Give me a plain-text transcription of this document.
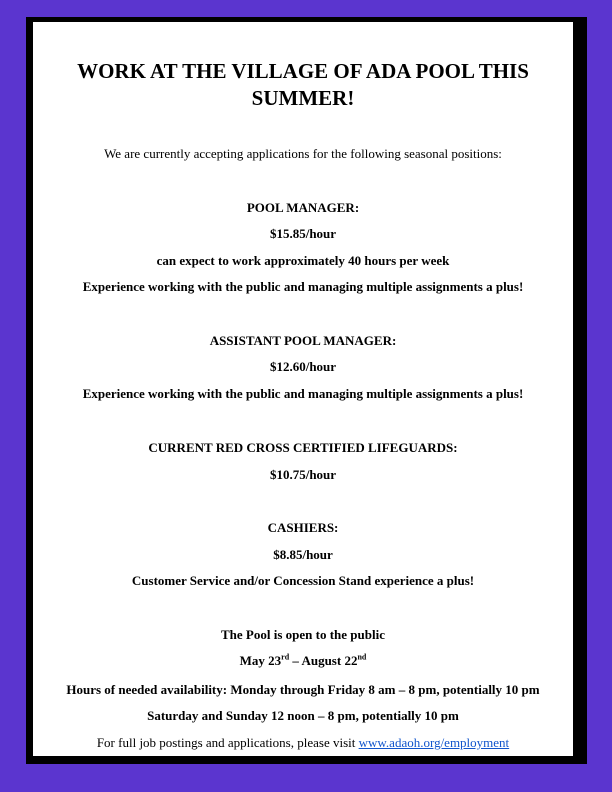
WORK AT THE VILLAGE OF ADA POOL THIS
SUMMER!
We are currently accepting applications for the following seasonal positions:
POOL MANAGER:
$15.85/hour
can expect to work approximately 40 hours per week
Experience working with the public and managing multiple assignments a plus!
ASSISTANT POOL MANAGER:
$12.60/hour
Experience working with the public and managing multiple assignments a plus!
CURRENT RED CROSS CERTIFIED LIFEGUARDS:
$10.75/hour
CASHIERS:
$8.85/hour
Customer Service and/or Concession Stand experience a plus!
The Pool is open to the public
May 23rd – August 22nd
Hours of needed availability: Monday through Friday 8 am – 8 pm, potentially 10 pm
Saturday and Sunday 12 noon – 8 pm, potentially 10 pm
For full job postings and applications, please visit www.adaoh.org/employment
